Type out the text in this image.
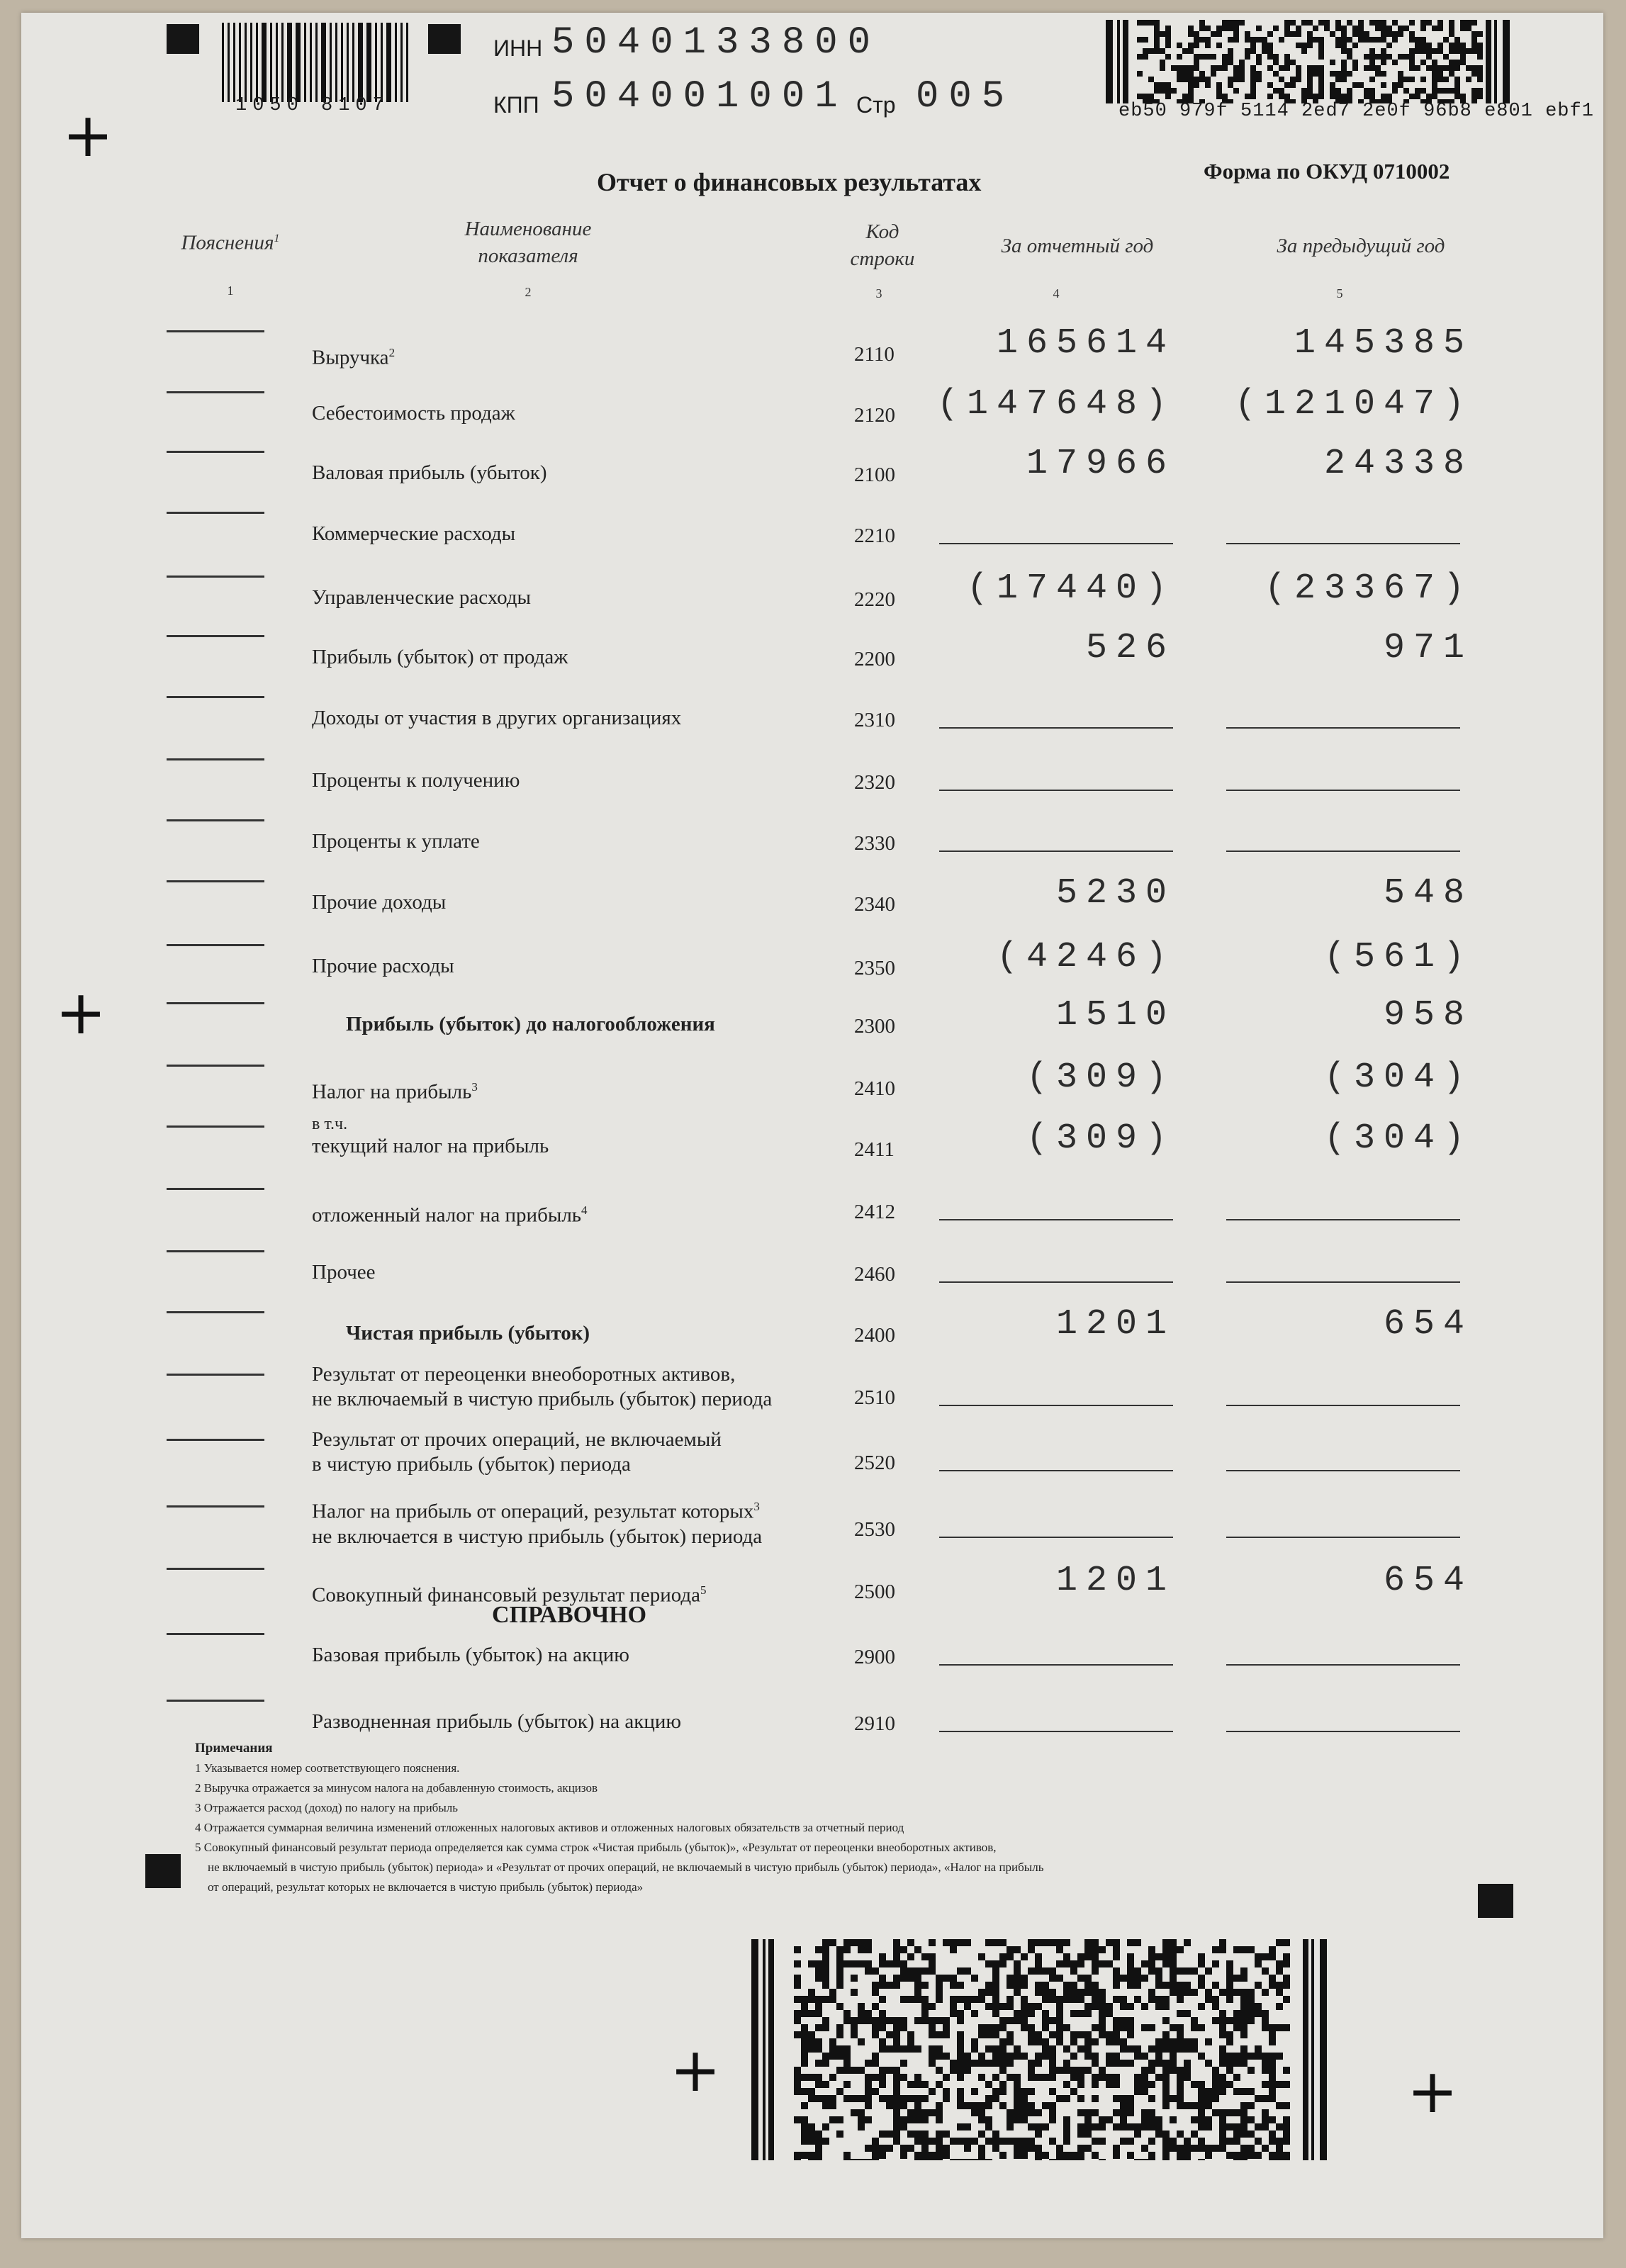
+
+
+	+
1050 8107
ИНН 5040133800
КПП 504001001 Стр 005	eb50 979f 5114 2ed7 2e0f 96b8 e801 ebf1
Отчет о финансовых результатах	Форма по ОКУД 0710002
Пояснения$^1$	Наименование
показателя
Код
строки
За отчетный год	За предыдущий год
1	2	3	4	5
Выручка$^2$	2110	165614	145385
Себестоимость продаж	2120	(147648)	(121047)
Валовая прибыль (убыток)	2100	17966	24338
Коммерческие расходы	2210
Управленческие расходы	2220	(17440)	(23367)
Прибыль (убыток) от продаж	2200	526	971
Доходы от участия в других организациях	2310
Проценты к получению	2320
Проценты к уплате	2330
Прочие доходы	2340	5230	548
Прочие расходы	2350	(4246)	(561)
Прибыль (убыток) до налогообложения	2300	1510	958
Налог на прибыль$^3$	2410	(309)	(304)
в т.ч.
текущий налог на прибыль	2411	(309)	(304)
отложенный налог на прибыль$^4$	2412
Прочее	2460
Чистая прибыль (убыток)	2400	1201	654
Результат от переоценки внеоборотных активов,
не включаемый в чистую прибыль (убыток) периода	2510
Результат от прочих операций, не включаемый
в чистую прибыль (убыток) периода	2520
Налог на прибыль от операций, результат которых$^3$
не включается в чистую прибыль (убыток) периода	2530
Совокупный финансовый результат периода$^5$	2500	1201	654
Базовая прибыль (убыток) на акцию	2900
Разводненная прибыль (убыток) на акцию	2910
СПРАВОЧНО
Примечания
1 Указывается номер соответствующего пояснения.
2 Выручка отражается за минусом налога на добавленную стоимость, акцизов
3 Отражается расход (доход) по налогу на прибыль
4 Отражается суммарная величина изменений отложенных налоговых активов и отложенных налоговых обязательств за отчетный период
5 Совокупный финансовый результат периода определяется как сумма строк «Чистая прибыль (убыток)», «Результат от переоценки внеоборотных активов,
не включаемый в чистую прибыль (убыток) периода» и «Результат от прочих операций, не включаемый в чистую прибыль (убыток) периода», «Налог на прибыль
от операций, результат которых не включается в чистую прибыль (убыток) периода»
